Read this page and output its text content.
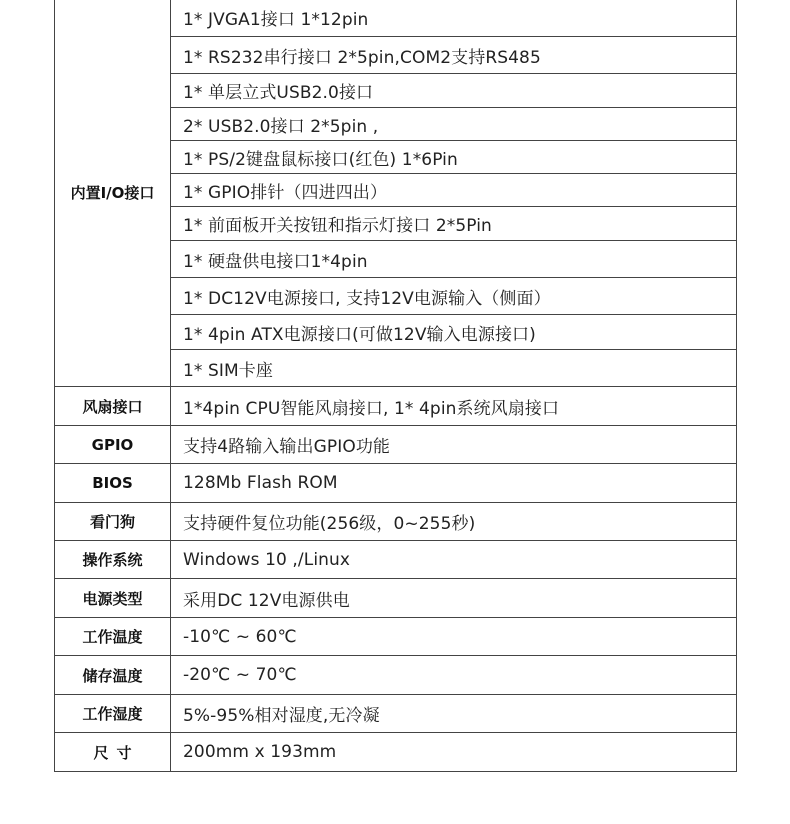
内置I/O接口	1* JVGA1接口 1*12pin
	1* RS232串行接口 2*5pin,COM2支持RS485
	1* 单层立式USB2.0接口
	2* USB2.0接口 2*5pin ,
	1* PS/2键盘鼠标接口(红色) 1*6Pin
	1* GPIO排针（四进四出）
	1* 前面板开关按钮和指示灯接口 2*5Pin
	1* 硬盘供电接口1*4pin
	1* DC12V电源接口, 支持12V电源输入（侧面）
	1* 4pin ATX电源接口(可做12V输入电源接口)
	1* SIM卡座
风扇接口	1*4pin CPU智能风扇接口, 1* 4pin系统风扇接口
GPIO	支持4路输入输出GPIO功能
BIOS	128Mb Flash ROM
看门狗	支持硬件复位功能(256级，0~255秒)
操作系统	Windows 10 ,/Linux
电源类型	采用DC 12V电源供电
工作温度	-10℃ ~ 60℃
储存温度	-20℃ ~ 70℃
工作湿度	5%-95%相对湿度,无冷凝
尺寸	200mm x 193mm
